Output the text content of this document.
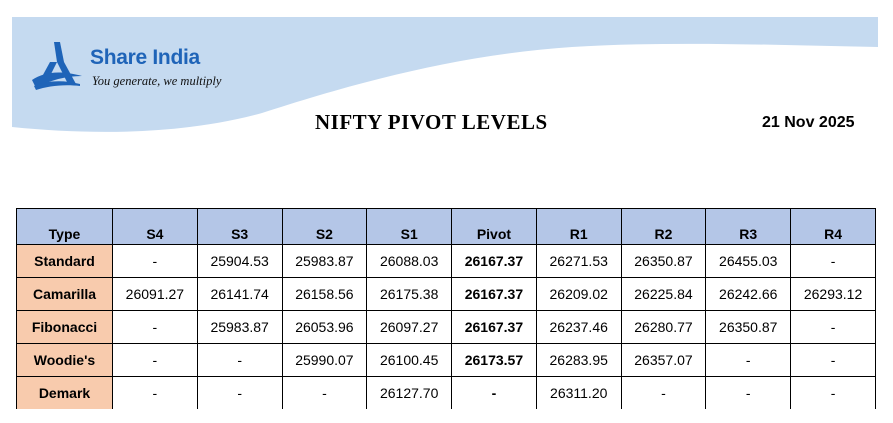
Share India
You generate, we multiply
NIFTY PIVOT LEVELS	21 Nov 2025
Type	S4	S3	S2	S1	Pivot	R1	R2	R3	R4
Standard	-	25904.53	25983.87	26088.03	26167.37	26271.53	26350.87	26455.03	-
Camarilla	26091.27	26141.74	26158.56	26175.38	26167.37	26209.02	26225.84	26242.66	26293.12
Fibonacci	-	25983.87	26053.96	26097.27	26167.37	26237.46	26280.77	26350.87	-
Woodie's	-	-	25990.07	26100.45	26173.57	26283.95	26357.07	-	-
Demark	-	-	-	26127.70	-	26311.20	-	-	-
